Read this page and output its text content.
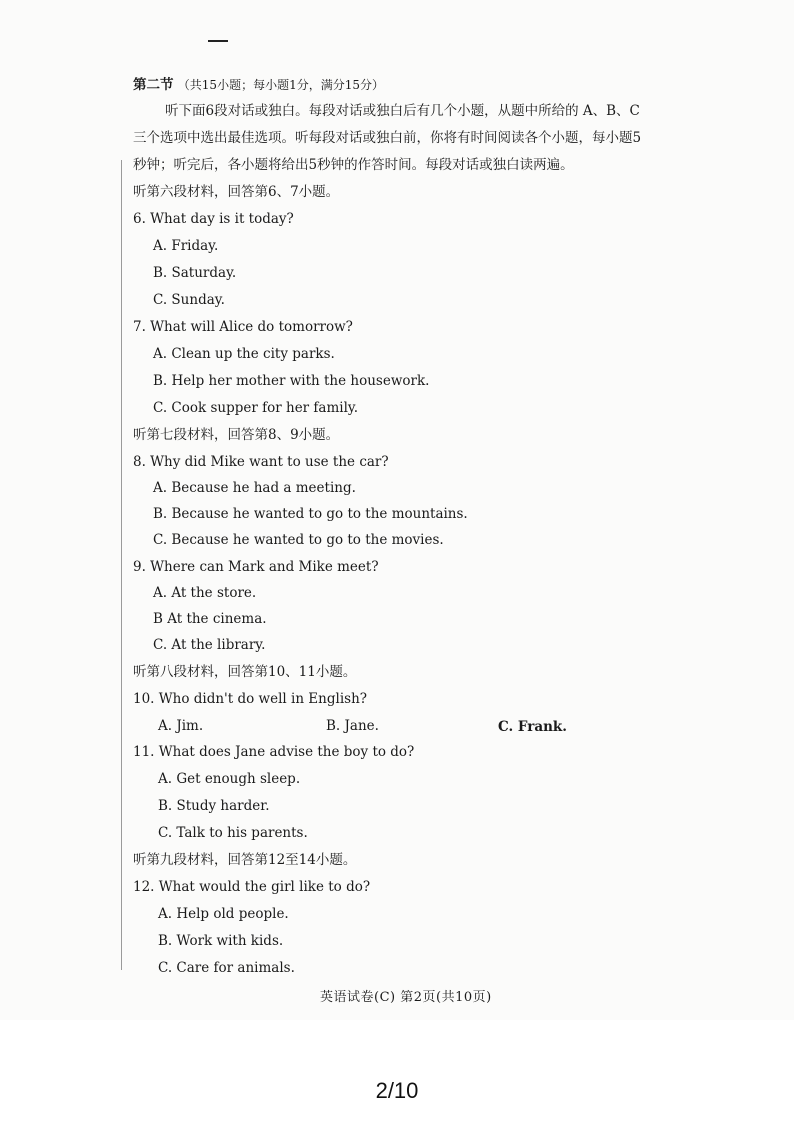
第二节 （共15小题；每小题1分，满分15分）
听下面6段对话或独白。每段对话或独白后有几个小题，从题中所给的 A、B、C
三个选项中选出最佳选项。听每段对话或独白前，你将有时间阅读各个小题，每小题5
秒钟；听完后，各小题将给出5秒钟的作答时间。每段对话或独白读两遍。
听第六段材料，回答第6、7小题。
6. What day is it today?
A. Friday.
B. Saturday.
C. Sunday.
7. What will Alice do tomorrow?
A. Clean up the city parks.
B. Help her mother with the housework.
C. Cook supper for her family.
听第七段材料，回答第8、9小题。
8. Why did Mike want to use the car?
A. Because he had a meeting.
B. Because he wanted to go to the mountains.
C. Because he wanted to go to the movies.
9. Where can Mark and Mike meet?
A. At the store.
B At the cinema.
C. At the library.
听第八段材料，回答第10、11小题。
10. Who didn't do well in English?
A. Jim.	B. Jane.	C. Frank.
11. What does Jane advise the boy to do?
A. Get enough sleep.
B. Study harder.
C. Talk to his parents.
听第九段材料，回答第12至14小题。
12. What would the girl like to do?
A. Help old people.
B. Work with kids.
C. Care for animals.
英语试卷(C) 第2页(共10页)
2/10
